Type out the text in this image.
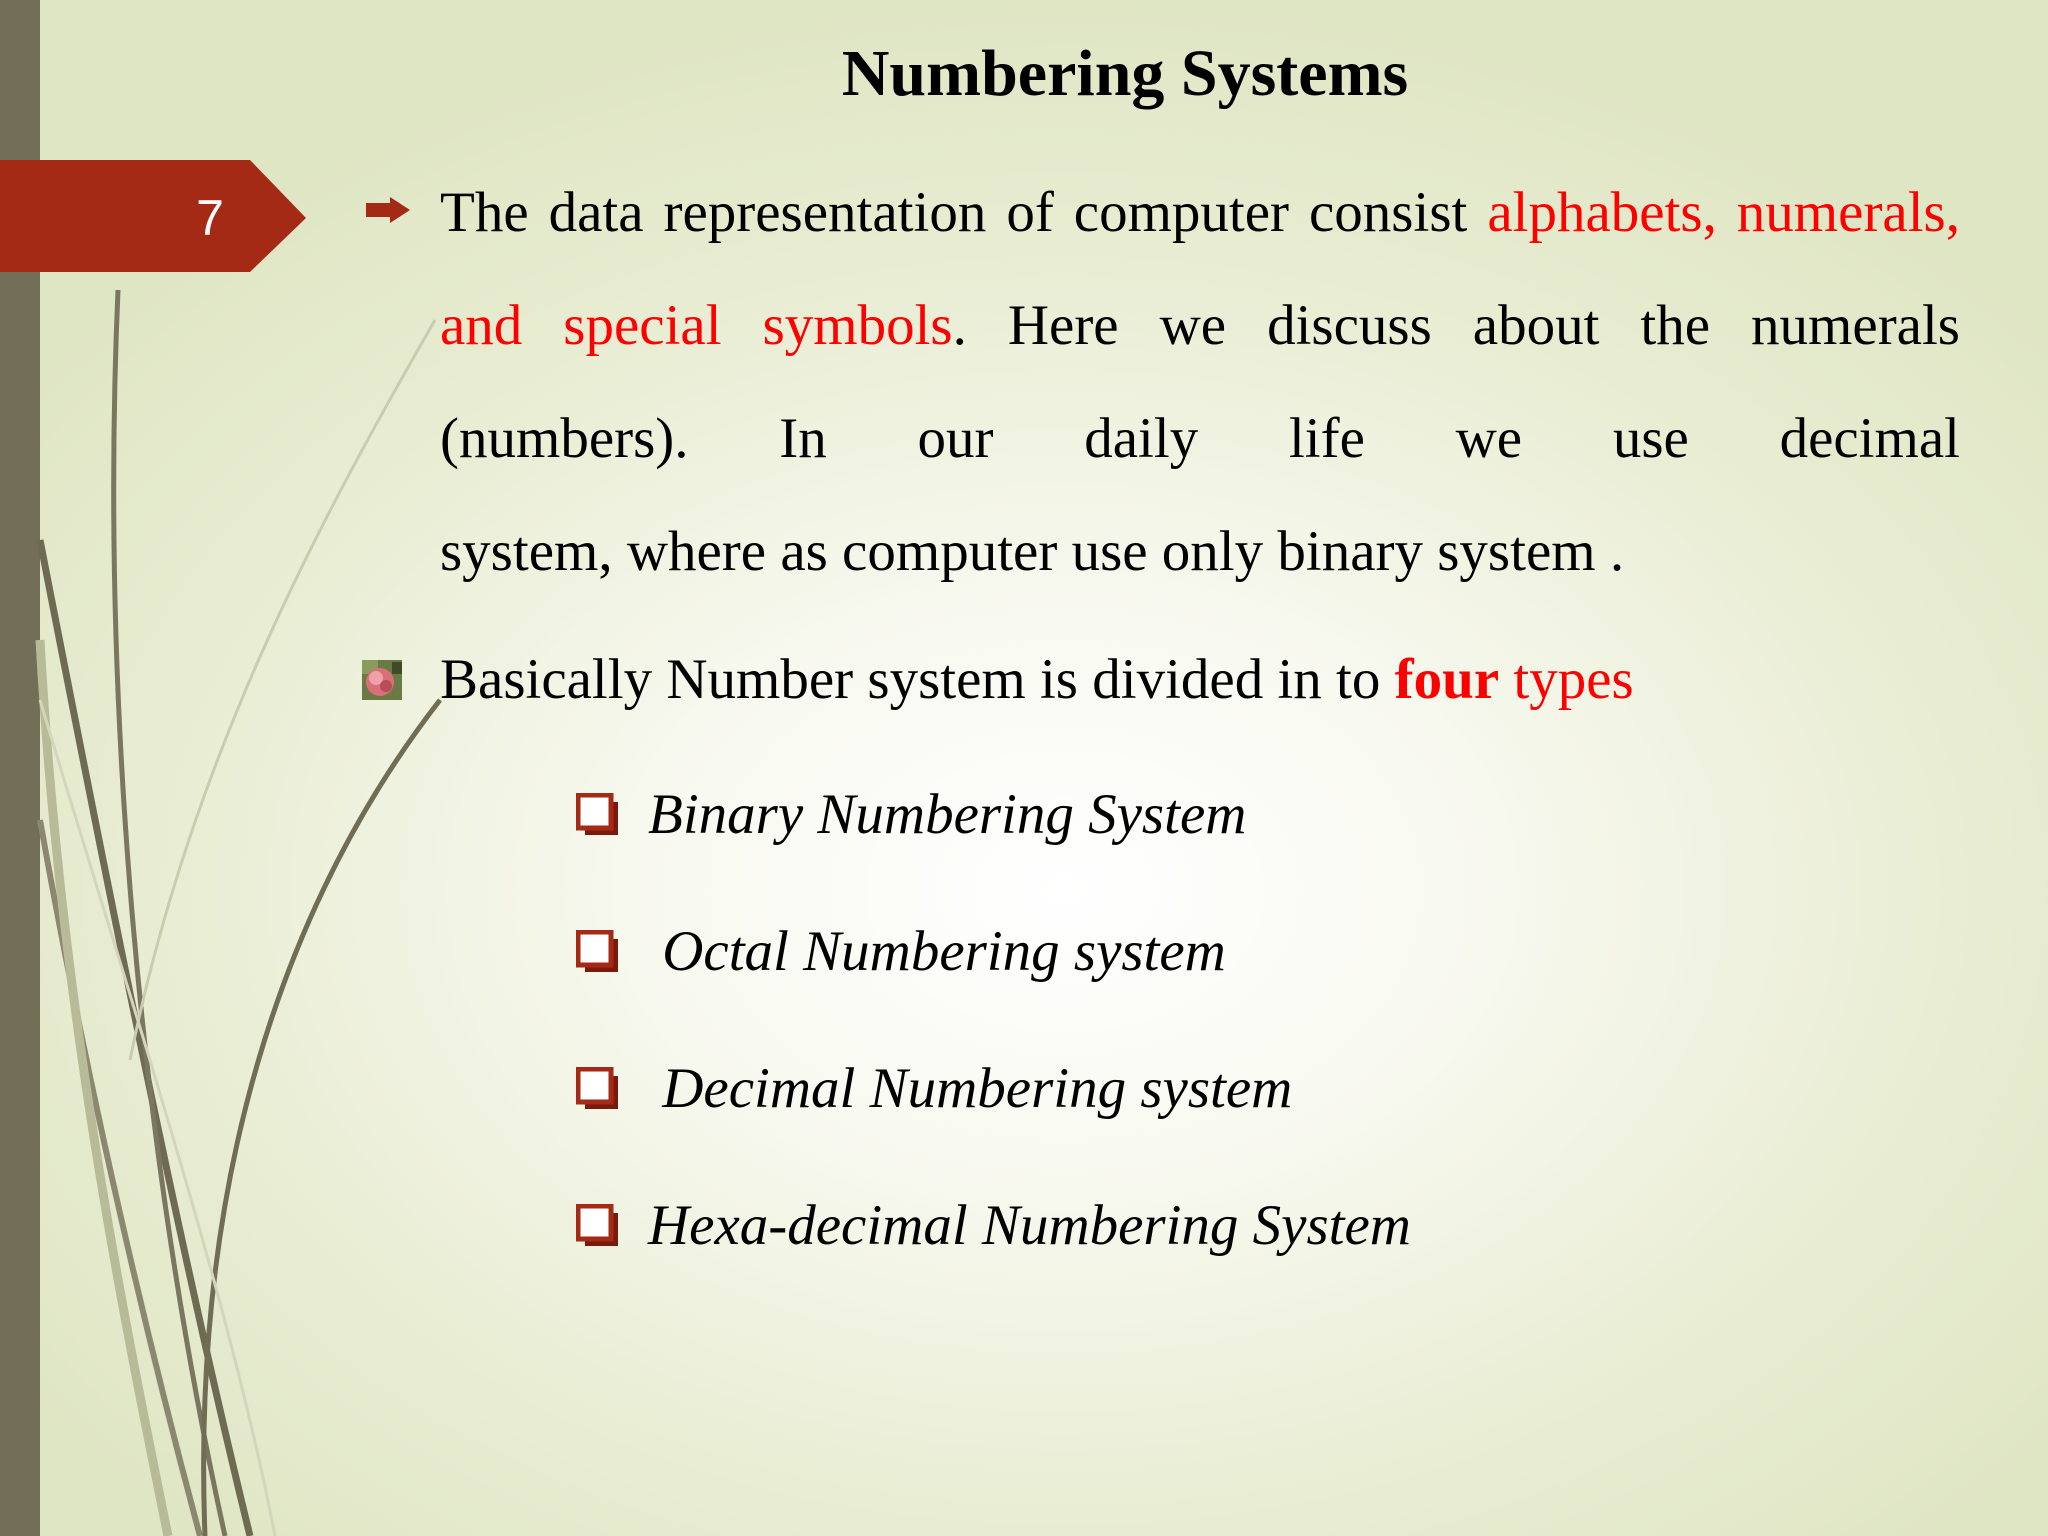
7
Numbering Systems

The data representation of computer consist alphabets, numerals, and special symbols. Here we discuss about the numerals (numbers). In our daily life we use decimal

system, where as computer use only binary system .

Basically Number system is divided in to four types

Binary Numbering System
Octal Numbering system
Decimal Numbering system
Hexa-decimal Numbering System
